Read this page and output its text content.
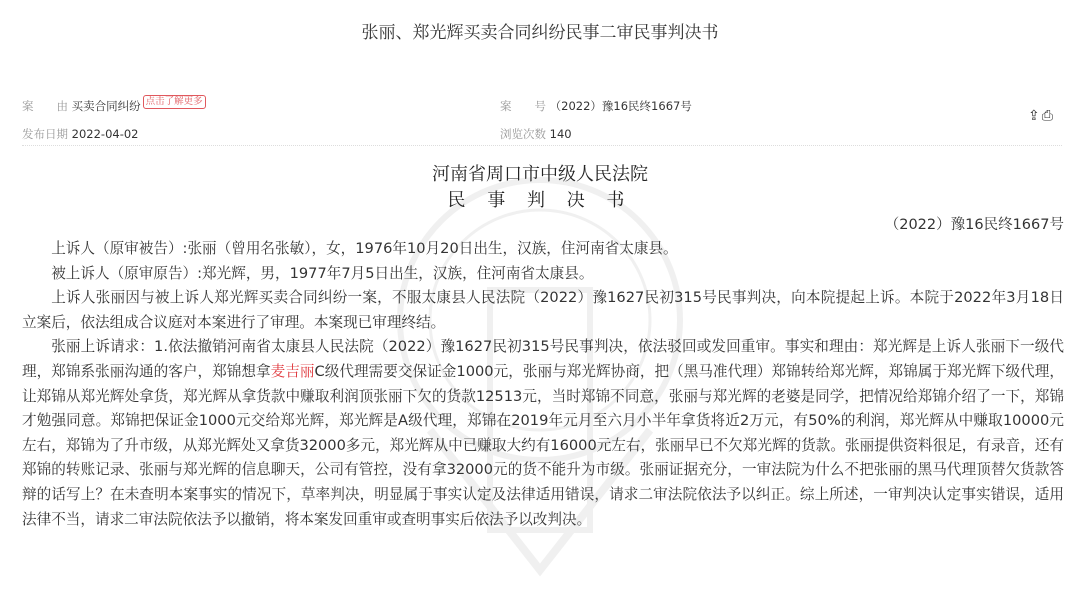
张丽、郑光辉买卖合同纠纷民事二审民事判决书
案　　由 买卖合同纠纷 点击了解更多	案　　号 （2022）豫16民终1667号
发布日期 2022-04-02	浏览次数 140
⇪⎙
河南省周口市中级人民法院
民 事 判 决 书
（2022）豫16民终1667号

上诉人（原审被告）:张丽（曾用名张敏），女，1976年10月20日出生，汉族，住河南省太康县。

被上诉人（原审原告）:郑光辉，男，1977年7月5日出生，汉族，住河南省太康县。

上诉人张丽因与被上诉人郑光辉买卖合同纠纷一案，不服太康县人民法院（2022）豫1627民初315号民事判决，向本院提起上诉。本院于2022年3月18日立案后，依法组成合议庭对本案进行了审理。本案现已审理终结。

张丽上诉请求：1.依法撤销河南省太康县人民法院（2022）豫1627民初315号民事判决，依法驳回或发回重审。事实和理由：郑光辉是上诉人张丽下一级代理，郑锦系张丽沟通的客户，郑锦想拿麦吉丽C级代理需要交保证金1000元，张丽与郑光辉协商，把（黑马准代理）郑锦转给郑光辉，郑锦属于郑光辉下级代理，让郑锦从郑光辉处拿货，郑光辉从拿货款中赚取利润顶张丽下欠的货款12513元，当时郑锦不同意，张丽与郑光辉的老婆是同学，把情况给郑锦介绍了一下，郑锦才勉强同意。郑锦把保证金1000元交给郑光辉，郑光辉是A级代理，郑锦在2019年元月至六月小半年拿货将近2万元，有50%的利润，郑光辉从中赚取10000元左右，郑锦为了升市级，从郑光辉处又拿货32000多元，郑光辉从中已赚取大约有16000元左右，张丽早已不欠郑光辉的货款。张丽提供资料很足，有录音，还有郑锦的转账记录、张丽与郑光辉的信息聊天，公司有管控，没有拿32000元的货不能升为市级。张丽证据充分，一审法院为什么不把张丽的黑马代理顶替欠货款答辩的话写上？在未查明本案事实的情况下，草率判决，明显属于事实认定及法律适用错误，请求二审法院依法予以纠正。综上所述，一审判决认定事实错误，适用法律不当，请求二审法院依法予以撤销，将本案发回重审或查明事实后依法予以改判决。
